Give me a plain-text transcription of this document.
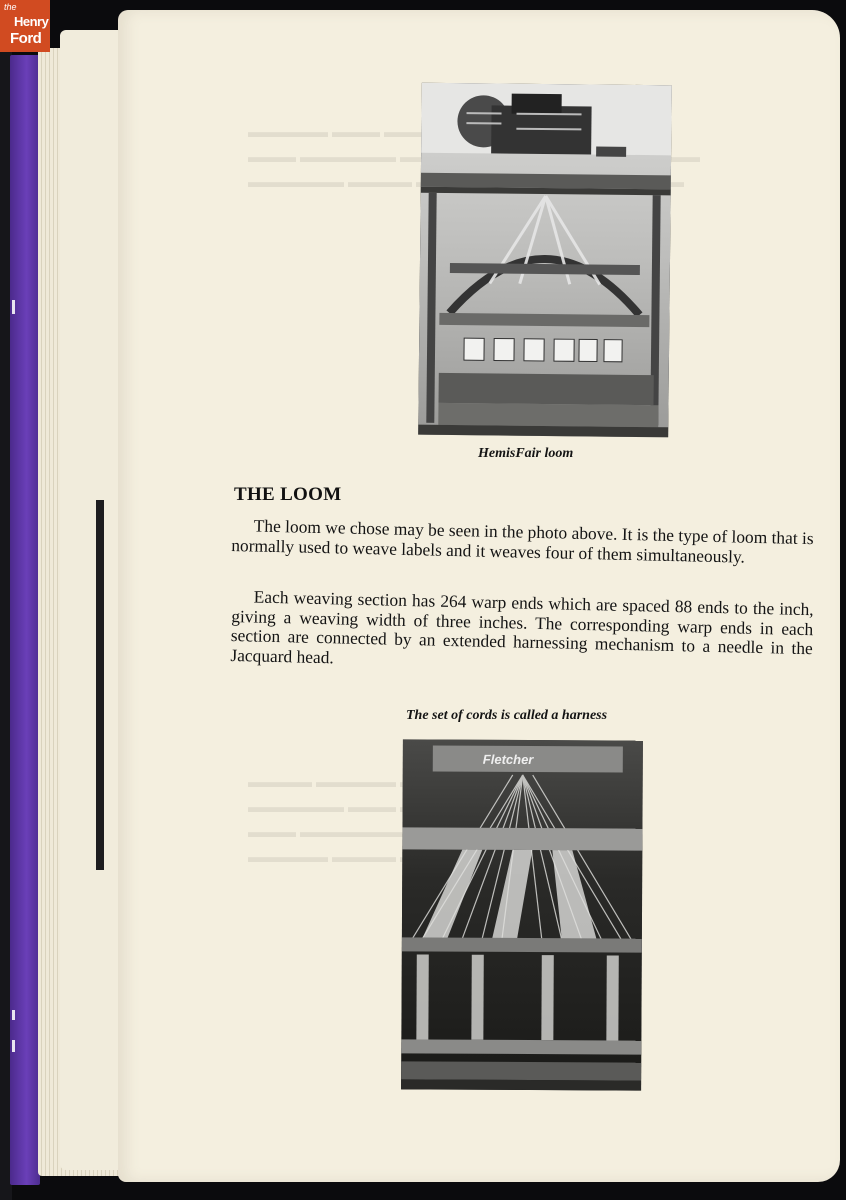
the
Henry
Ford
▬▬▬▬▬ ▬▬▬ ▬▬▬▬
▬▬▬ ▬▬▬▬▬▬ ▬▬
▬▬▬▬▬▬ ▬▬▬▬
▬▬▬▬ ▬▬▬▬▬
▬▬▬▬▬▬ ▬▬▬
▬▬▬ ▬▬▬▬▬▬▬
▬▬▬▬▬ ▬▬▬▬
HemisFair loom
THE LOOM

The loom we chose may be seen in the photo above. It is the type of loom that is normally used to weave labels and it weaves four of them simultaneously.

Each weaving section has 264 warp ends which are spaced 88 ends to the inch, giving a weaving width of three inches. The corresponding warp ends in each section are connected by an extended harnessing mechanism to a needle in the Jacquard head.

The set of cords is called a harness
Fletcher
